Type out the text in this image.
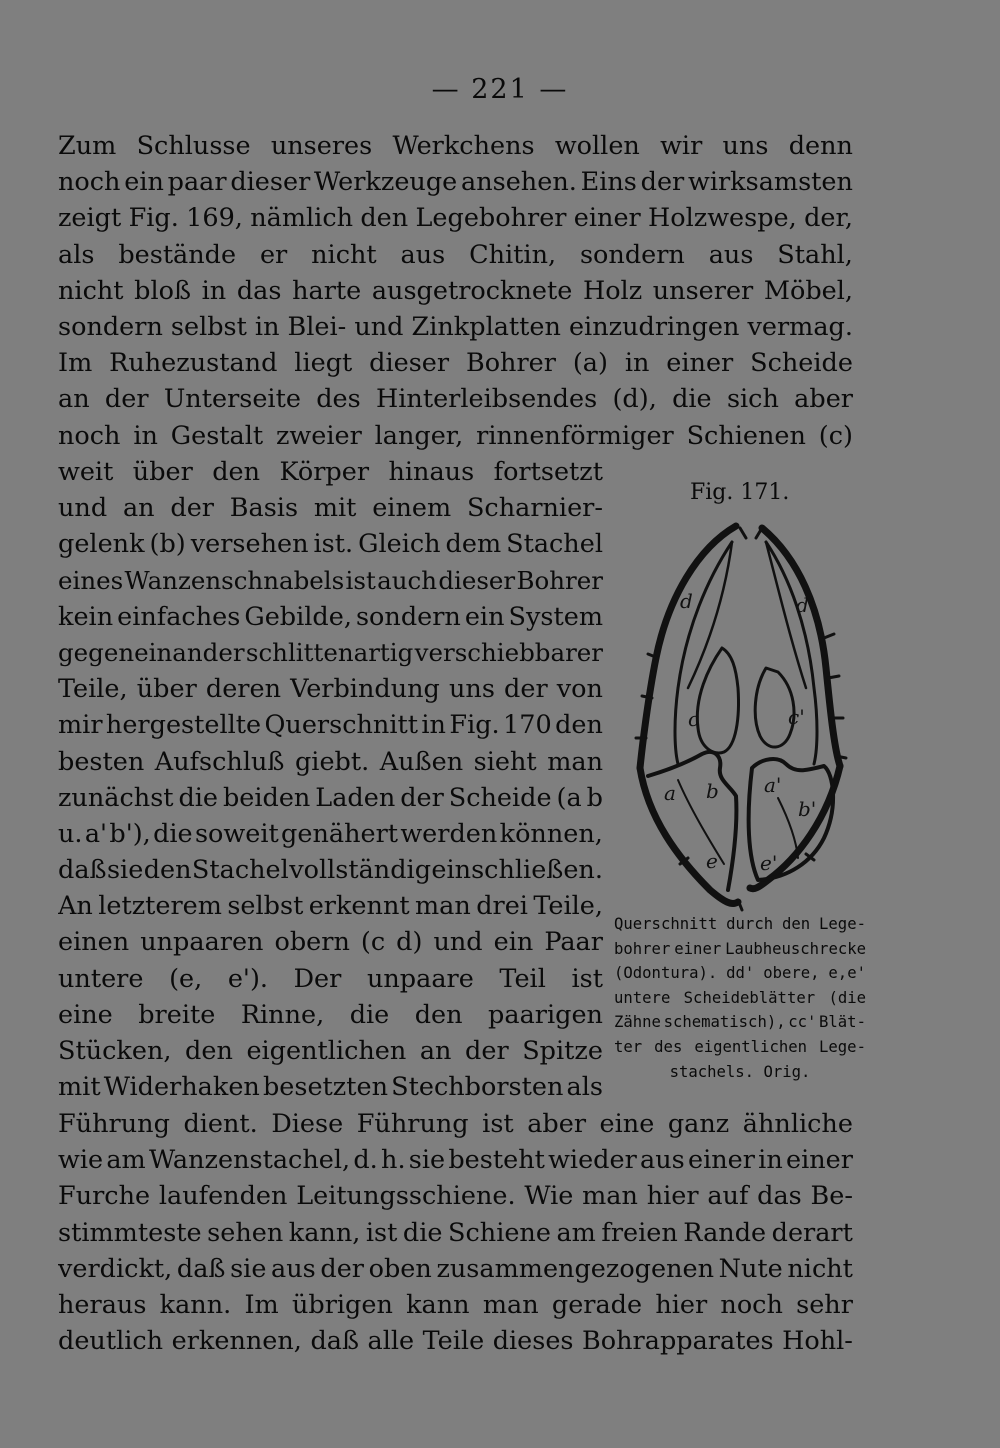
— 221 —
Zum Schlusse unseres Werkchens wollen wir uns denn
noch ein paar dieser Werkzeuge ansehen. Eins der wirksamsten
zeigt Fig. 169, nämlich den Legebohrer einer Holzwespe, der,
als bestände er nicht aus Chitin, sondern aus Stahl,
nicht bloß in das harte ausgetrocknete Holz unserer Möbel,
sondern selbst in Blei- und Zinkplatten einzudringen vermag.
Im Ruhezustand liegt dieser Bohrer (a) in einer Scheide
an der Unterseite des Hinterleibsendes (d), die sich aber
noch in Gestalt zweier langer, rinnenförmiger Schienen (c)
weit über den Körper hinaus fortsetzt
und an der Basis mit einem Scharnier-
gelenk (b) versehen ist. Gleich dem Stachel
eines Wanzenschnabels ist auch dieser Bohrer
kein einfaches Gebilde, sondern ein System
gegeneinander schlittenartig verschiebbarer
Teile, über deren Verbindung uns der von
mir hergestellte Querschnitt in Fig. 170 den
besten Aufschluß giebt. Außen sieht man
zunächst die beiden Laden der Scheide (a b
u. a' b'), die soweit genähert werden können,
daß sie den Stachel vollständig einschließen.
An letzterem selbst erkennt man drei Teile,
einen unpaaren obern (c d) und ein Paar
untere (e, e'). Der unpaare Teil ist
eine breite Rinne, die den paarigen
Stücken, den eigentlichen an der Spitze
mit Widerhaken besetzten Stechborsten als
Führung dient. Diese Führung ist aber eine ganz ähnliche
wie am Wanzenstachel, d. h. sie besteht wieder aus einer in einer
Furche laufenden Leitungsschiene. Wie man hier auf das Be-
stimmteste sehen kann, ist die Schiene am freien Rande derart
verdickt, daß sie aus der oben zusammengezogenen Nute nicht
heraus kann. Im übrigen kann man gerade hier noch sehr
deutlich erkennen, daß alle Teile dieses Bohrapparates Hohl-
Fig. 171.
d	d'
c	c'
a b a'
b'
e e'
Querschnitt durch den Lege-
bohrer einer Laubheuschrecke
(Odontura). dd' obere, e,e'
untere Scheideblätter (die
Zähne schematisch), cc' Blät-
ter des eigentlichen Lege-
stachels. Orig.
